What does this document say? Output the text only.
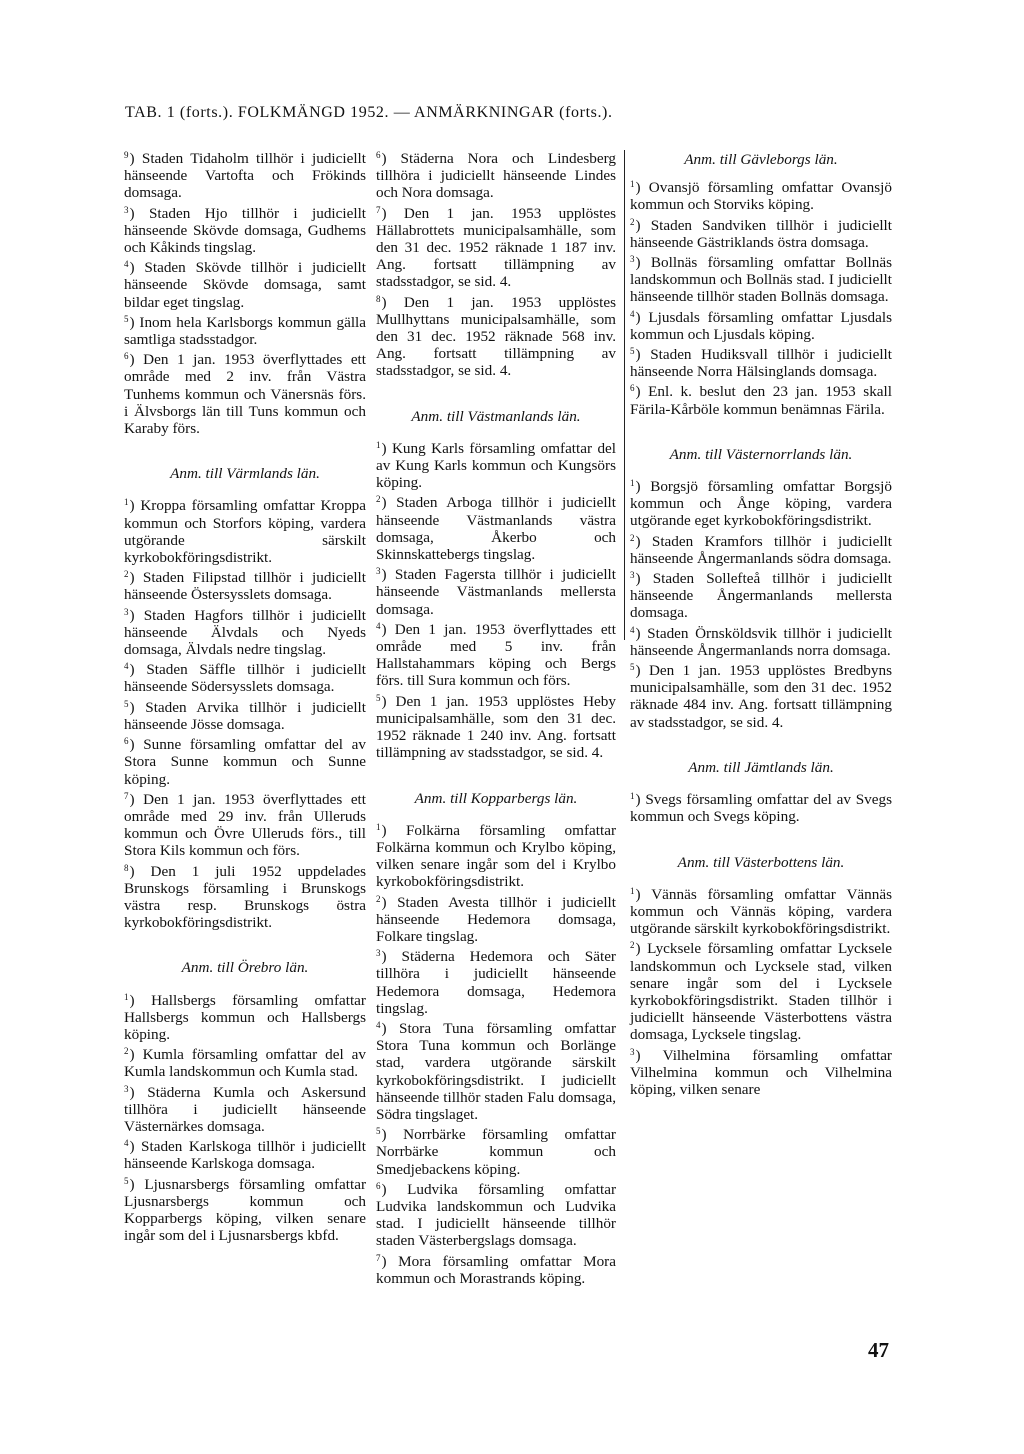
TAB. 1 (forts.). FOLKMÄNGD 1952. — ANMÄRKNINGAR (forts.).

$^9$) Staden Tidaholm tillhör i judiciellt hänseende Vartofta och Frökinds domsaga.

$^3$) Staden Hjo tillhör i judiciellt hänseende Skövde domsaga, Gudhems och Kåkinds tingslag.

$^4$) Staden Skövde tillhör i judiciellt hänseende Skövde domsaga, samt bildar eget tingslag.

$^5$) Inom hela Karlsborgs kommun gälla samtliga stadsstadgor.

$^6$) Den 1 jan. 1953 överflyttades ett område med 2 inv. från Västra Tunhems kommun och Vänersnäs förs. i Älvsborgs län till Tuns kommun och Karaby förs.

Anm. till Värmlands län.

$^1$) Kroppa församling omfattar Kroppa kommun och Storfors köping, vardera utgörande särskilt kyrkobokföringsdistrikt.

$^2$) Staden Filipstad tillhör i judiciellt hänseende Östersysslets domsaga.

$^3$) Staden Hagfors tillhör i judiciellt hänseende Älvdals och Nyeds domsaga, Älvdals nedre tingslag.

$^4$) Staden Säffle tillhör i judiciellt hänseende Södersysslets domsaga.

$^5$) Staden Arvika tillhör i judiciellt hänseende Jösse domsaga.

$^6$) Sunne församling omfattar del av Stora Sunne kommun och Sunne köping.

$^7$) Den 1 jan. 1953 överflyttades ett område med 29 inv. från Ulleruds kommun och Övre Ulleruds förs., till Stora Kils kommun och förs.

$^8$) Den 1 juli 1952 uppdelades Brunskogs församling i Brunskogs västra resp. Brunskogs östra kyrkobokföringsdistrikt.

Anm. till Örebro län.

$^1$) Hallsbergs församling omfattar Hallsbergs kommun och Hallsbergs köping.

$^2$) Kumla församling omfattar del av Kumla landskommun och Kumla stad.

$^3$) Städerna Kumla och Askersund tillhöra i judiciellt hänseende Västernärkes domsaga.

$^4$) Staden Karlskoga tillhör i judiciellt hänseende Karlskoga domsaga.

$^5$) Ljusnarsbergs församling omfattar Ljusnarsbergs kommun och Kopparbergs köping, vilken senare ingår som del i Ljusnarsbergs kbfd.

$^6$) Städerna Nora och Lindesberg tillhöra i judiciellt hänseende Lindes och Nora domsaga.

$^7$) Den 1 jan. 1953 upplöstes Hällabrottets municipalsamhälle, som den 31 dec. 1952 räknade 1 187 inv. Ang. fortsatt tillämpning av stadsstadgor, se sid. 4.

$^8$) Den 1 jan. 1953 upplöstes Mullhyttans municipalsamhälle, som den 31 dec. 1952 räknade 568 inv. Ang. fortsatt tillämpning av stadsstadgor, se sid. 4.

Anm. till Västmanlands län.

$^1$) Kung Karls församling omfattar del av Kung Karls kommun och Kungsörs köping.

$^2$) Staden Arboga tillhör i judiciellt hänseende Västmanlands västra domsaga, Åkerbo och Skinnskattebergs tingslag.

$^3$) Staden Fagersta tillhör i judiciellt hänseende Västmanlands mellersta domsaga.

$^4$) Den 1 jan. 1953 överflyttades ett område med 5 inv. från Hallstahammars köping och Bergs förs. till Sura kommun och förs.

$^5$) Den 1 jan. 1953 upplöstes Heby municipalsamhälle, som den 31 dec. 1952 räknade 1 240 inv. Ang. fortsatt tillämpning av stadsstadgor, se sid. 4.

Anm. till Kopparbergs län.

$^1$) Folkärna församling omfattar Folkärna kommun och Krylbo köping, vilken senare ingår som del i Krylbo kyrkobokföringsdistrikt.

$^2$) Staden Avesta tillhör i judiciellt hänseende Hedemora domsaga, Folkare tingslag.

$^3$) Städerna Hedemora och Säter tillhöra i judiciellt hänseende Hedemora domsaga, Hedemora tingslag.

$^4$) Stora Tuna församling omfattar Stora Tuna kommun och Borlänge stad, vardera utgörande särskilt kyrkobokföringsdistrikt. I judiciellt hänseende tillhör staden Falu domsaga, Södra tingslaget.

$^5$) Norrbärke församling omfattar Norrbärke kommun och Smedjebackens köping.

$^6$) Ludvika församling omfattar Ludvika landskommun och Ludvika stad. I judiciellt hänseende tillhör staden Västerbergslags domsaga.

$^7$) Mora församling omfattar Mora kommun och Morastrands köping.

Anm. till Gävleborgs län.

$^1$) Ovansjö församling omfattar Ovansjö kommun och Storviks köping.

$^2$) Staden Sandviken tillhör i judiciellt hänseende Gästriklands östra domsaga.

$^3$) Bollnäs församling omfattar Bollnäs landskommun och Bollnäs stad. I judiciellt hänseende tillhör staden Bollnäs domsaga.

$^4$) Ljusdals församling omfattar Ljusdals kommun och Ljusdals köping.

$^5$) Staden Hudiksvall tillhör i judiciellt hänseende Norra Hälsinglands domsaga.

$^6$) Enl. k. beslut den 23 jan. 1953 skall Färila-Kårböle kommun benämnas Färila.

Anm. till Västernorrlands län.

$^1$) Borgsjö församling omfattar Borgsjö kommun och Ånge köping, vardera utgörande eget kyrkobokföringsdistrikt.

$^2$) Staden Kramfors tillhör i judiciellt hänseende Ångermanlands södra domsaga.

$^3$) Staden Sollefteå tillhör i judiciellt hänseende Ångermanlands mellersta domsaga.

$^4$) Staden Örnsköldsvik tillhör i judiciellt hänseende Ångermanlands norra domsaga.

$^5$) Den 1 jan. 1953 upplöstes Bredbyns municipalsamhälle, som den 31 dec. 1952 räknade 484 inv. Ang. fortsatt tillämpning av stadsstadgor, se sid. 4.

Anm. till Jämtlands län.

$^1$) Svegs församling omfattar del av Svegs kommun och Svegs köping.

Anm. till Västerbottens län.

$^1$) Vännäs församling omfattar Vännäs kommun och Vännäs köping, vardera utgörande särskilt kyrkobokföringsdistrikt.

$^2$) Lycksele församling omfattar Lycksele landskommun och Lycksele stad, vilken senare ingår som del i Lycksele kyrkobokföringsdistrikt. Staden tillhör i judiciellt hänseende Västerbottens västra domsaga, Lycksele tingslag.

$^3$) Vilhelmina församling omfattar Vilhelmina kommun och Vilhelmina köping, vilken senare

47
